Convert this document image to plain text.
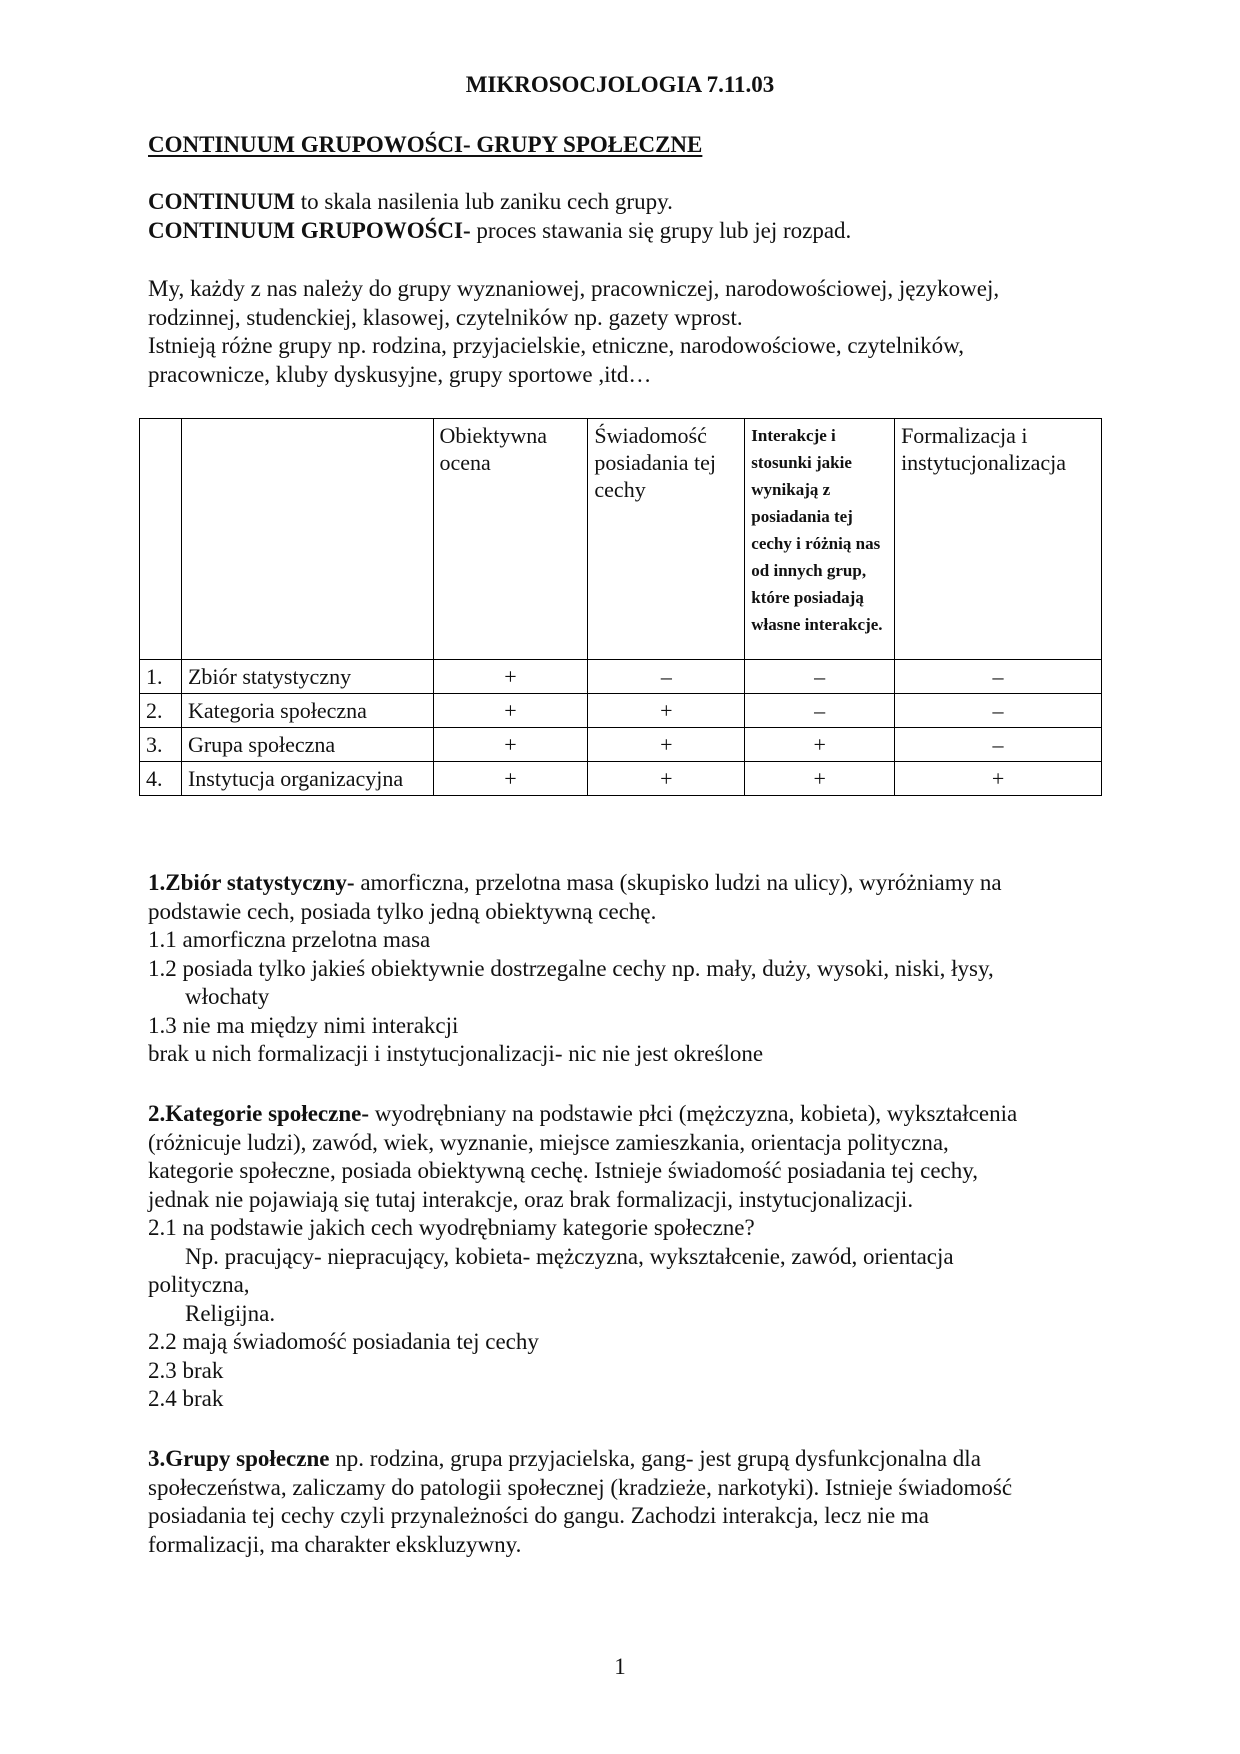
MIKROSOCJOLOGIA 7.11.03
CONTINUUM GRUPOWOŚCI- GRUPY SPOŁECZNE

CONTINUUM to skala nasilenia lub zaniku cech grupy.

CONTINUUM GRUPOWOŚCI- proces stawania się grupy lub jej rozpad.

My, każdy z nas należy do grupy wyznaniowej, pracowniczej, narodowościowej, językowej,

rodzinnej, studenckiej, klasowej, czytelników np. gazety wprost.

Istnieją różne grupy np. rodzina, przyjacielskie, etniczne, narodowościowe, czytelników,

pracownicze, kluby dyskusyjne, grupy sportowe ,itd…

		Obiektywna ocena	Świadomość posiadania tej cechy	Interakcje i stosunki jakie wynikają z posiadania tej cechy i różnią nas od innych grup, które posiadają własne interakcje.	Formalizacja i instytucjonalizacja
1.	Zbiór statystyczny	+	–	–	–
2.	Kategoria społeczna	+	+	–	–
3.	Grupa społeczna	+	+	+	–
4.	Instytucja organizacyjna	+	+	+	+

1.Zbiór statystyczny- amorficzna, przelotna masa (skupisko ludzi na ulicy), wyróżniamy na

podstawie cech, posiada tylko jedną obiektywną cechę.

1.1 amorficzna przelotna masa

1.2 posiada tylko jakieś obiektywnie dostrzegalne cechy np. mały, duży, wysoki, niski, łysy,

włochaty

1.3 nie ma między nimi interakcji

brak u nich formalizacji i instytucjonalizacji- nic nie jest określone

2.Kategorie społeczne- wyodrębniany na podstawie płci (mężczyzna, kobieta), wykształcenia

(różnicuje ludzi), zawód, wiek, wyznanie, miejsce zamieszkania, orientacja polityczna,

kategorie społeczne, posiada obiektywną cechę. Istnieje świadomość posiadania tej cechy,

jednak nie pojawiają się tutaj interakcje, oraz brak formalizacji, instytucjonalizacji.

2.1 na podstawie jakich cech wyodrębniamy kategorie społeczne?

Np. pracujący- niepracujący, kobieta- mężczyzna, wykształcenie, zawód, orientacja

polityczna,

Religijna.

2.2 mają świadomość posiadania tej cechy

2.3 brak

2.4 brak

3.Grupy społeczne np. rodzina, grupa przyjacielska, gang- jest grupą dysfunkcjonalna dla

społeczeństwa, zaliczamy do patologii społecznej (kradzieże, narkotyki). Istnieje świadomość

posiadania tej cechy czyli przynależności do gangu. Zachodzi interakcja, lecz nie ma

formalizacji, ma charakter ekskluzywny.

1
